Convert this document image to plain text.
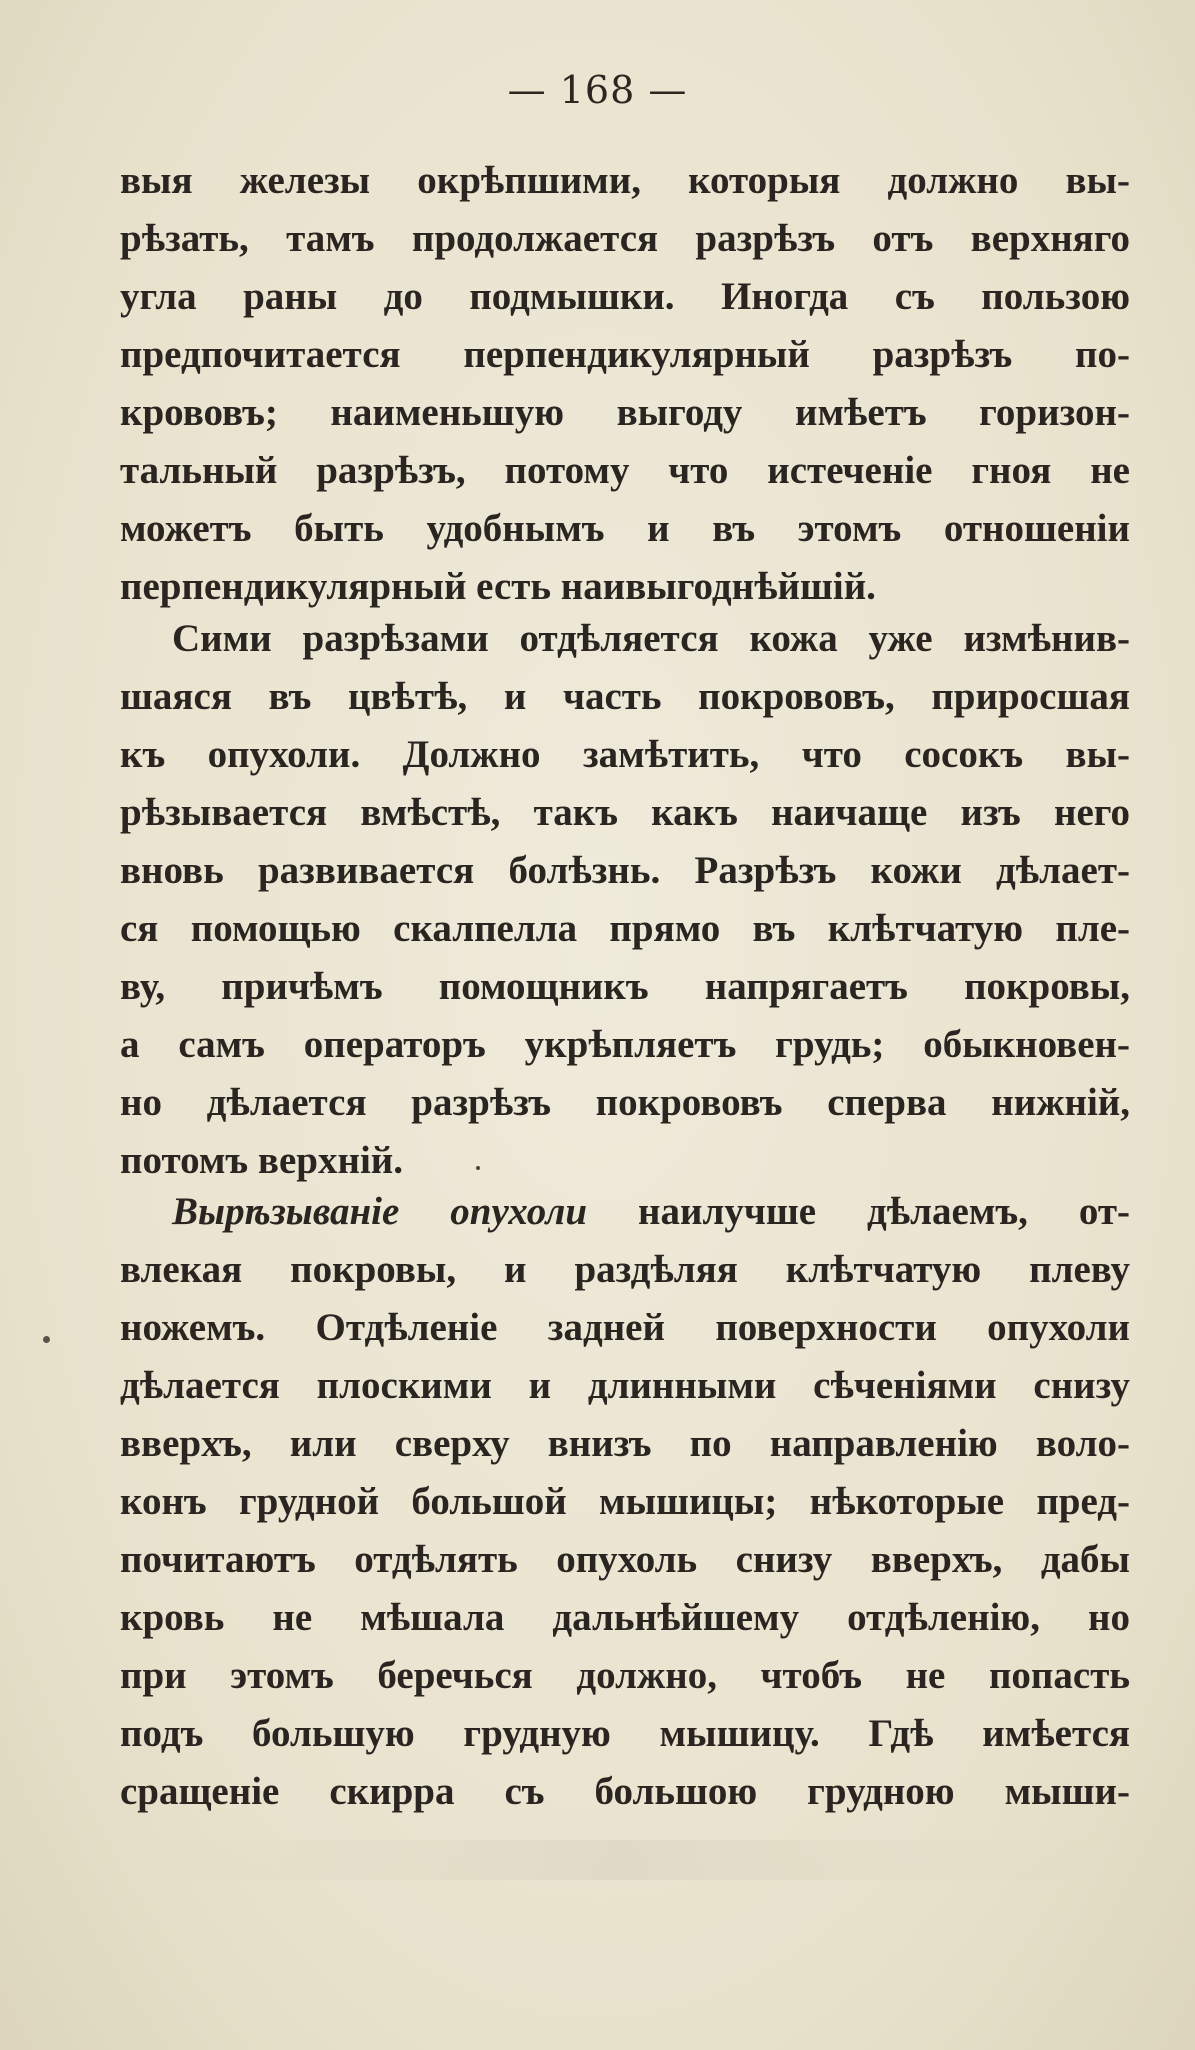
— 168 —
выя железы окрѣпшими, которыя должно вы-
рѣзать, тамъ продолжается разрѣзъ отъ верхняго
угла раны до подмышки. Иногда съ пользою
предпочитается перпендикулярный разрѣзъ по-
крововъ; наименьшую выгоду имѣетъ горизон-
тальный разрѣзъ, потому что истеченіе гноя не
можетъ быть удобнымъ и въ этомъ отношеніи
перпендикулярный есть наивыгоднѣйшій.
Сими разрѣзами отдѣляется кожа уже измѣнив-
шаяся въ цвѣтѣ, и часть покрововъ, приросшая
къ опухоли. Должно замѣтить, что сосокъ вы-
рѣзывается вмѣстѣ, такъ какъ наичаще изъ него
вновь развивается болѣзнь. Разрѣзъ кожи дѣлает-
ся помощью скалпелла прямо въ клѣтчатую пле-
ву, причѣмъ помощникъ напрягаетъ покровы,
а самъ операторъ укрѣпляетъ грудь; обыкновен-
но дѣлается разрѣзъ покрововъ сперва нижній,
потомъ верхній.
Вырѣзываніе опухоли наилучше дѣлаемъ, от-
влекая покровы, и раздѣляя клѣтчатую плеву
ножемъ. Отдѣленіе задней поверхности опухоли
дѣлается плоскими и длинными сѣченіями снизу
вверхъ, или сверху внизъ по направленію воло-
конъ грудной большой мышицы; нѣкоторые пред-
почитаютъ отдѣлять опухоль снизу вверхъ, дабы
кровь не мѣшала дальнѣйшему отдѣленію, но
при этомъ беречься должно, чтобъ не попасть
подъ большую грудную мышицу. Гдѣ имѣется
сращеніе скирра съ большою грудною мыши-
